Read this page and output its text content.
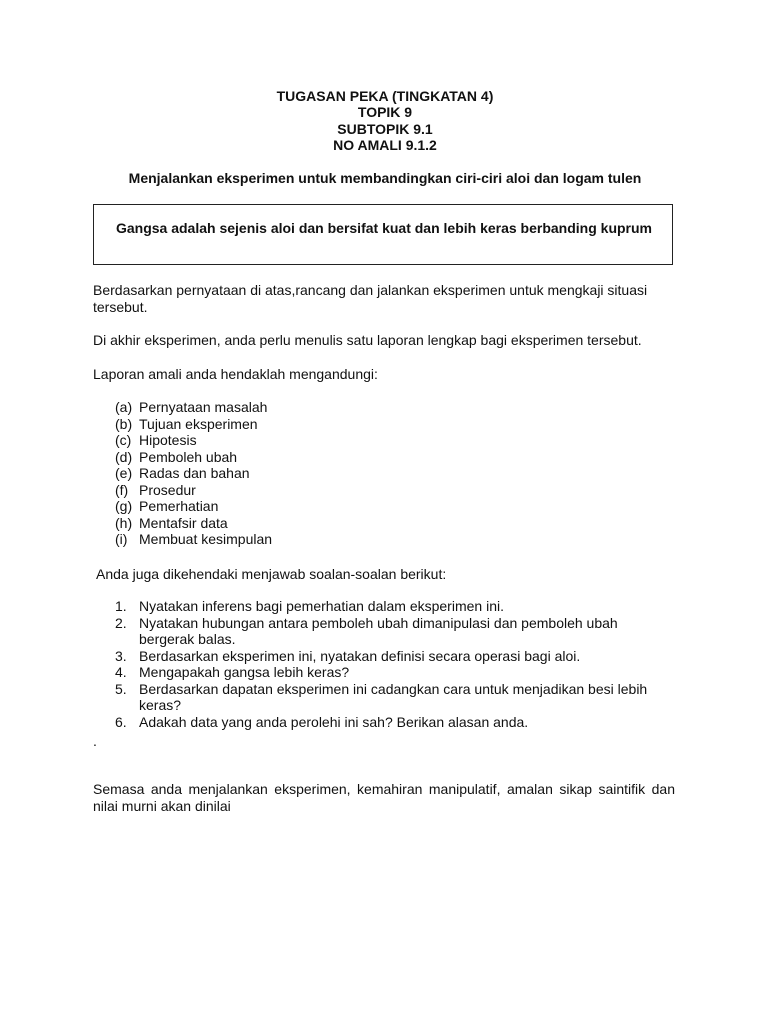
TUGASAN PEKA (TINGKATAN 4)
TOPIK 9
SUBTOPIK 9.1
NO AMALI 9.1.2
Menjalankan eksperimen untuk membandingkan ciri-ciri aloi dan logam tulen
Gangsa adalah sejenis aloi dan bersifat kuat dan lebih keras berbanding kuprum

Berdasarkan pernyataan di atas,rancang dan jalankan eksperimen untuk mengkaji situasi tersebut.

Di akhir eksperimen, anda perlu menulis satu laporan lengkap bagi eksperimen tersebut.

Laporan amali anda hendaklah mengandungi:

(a) Pernyataan masalah
(b) Tujuan eksperimen
(c) Hipotesis
(d) Pemboleh ubah
(e) Radas dan bahan
(f) Prosedur
(g) Pemerhatian
(h) Mentafsir data
(i) Membuat kesimpulan

Anda juga dikehendaki menjawab soalan-soalan berikut:

1. Nyatakan inferens bagi pemerhatian dalam eksperimen ini.
2. Nyatakan hubungan antara pemboleh ubah dimanipulasi dan pemboleh ubah bergerak balas.
3. Berdasarkan eksperimen ini, nyatakan definisi secara operasi bagi aloi.
4. Mengapakah gangsa lebih keras?
5. Berdasarkan dapatan eksperimen ini cadangkan cara untuk menjadikan besi lebih keras?
6. Adakah data yang anda perolehi ini sah? Berikan alasan anda.
.

Semasa anda menjalankan eksperimen, kemahiran manipulatif, amalan sikap saintifik dan nilai murni akan dinilai
